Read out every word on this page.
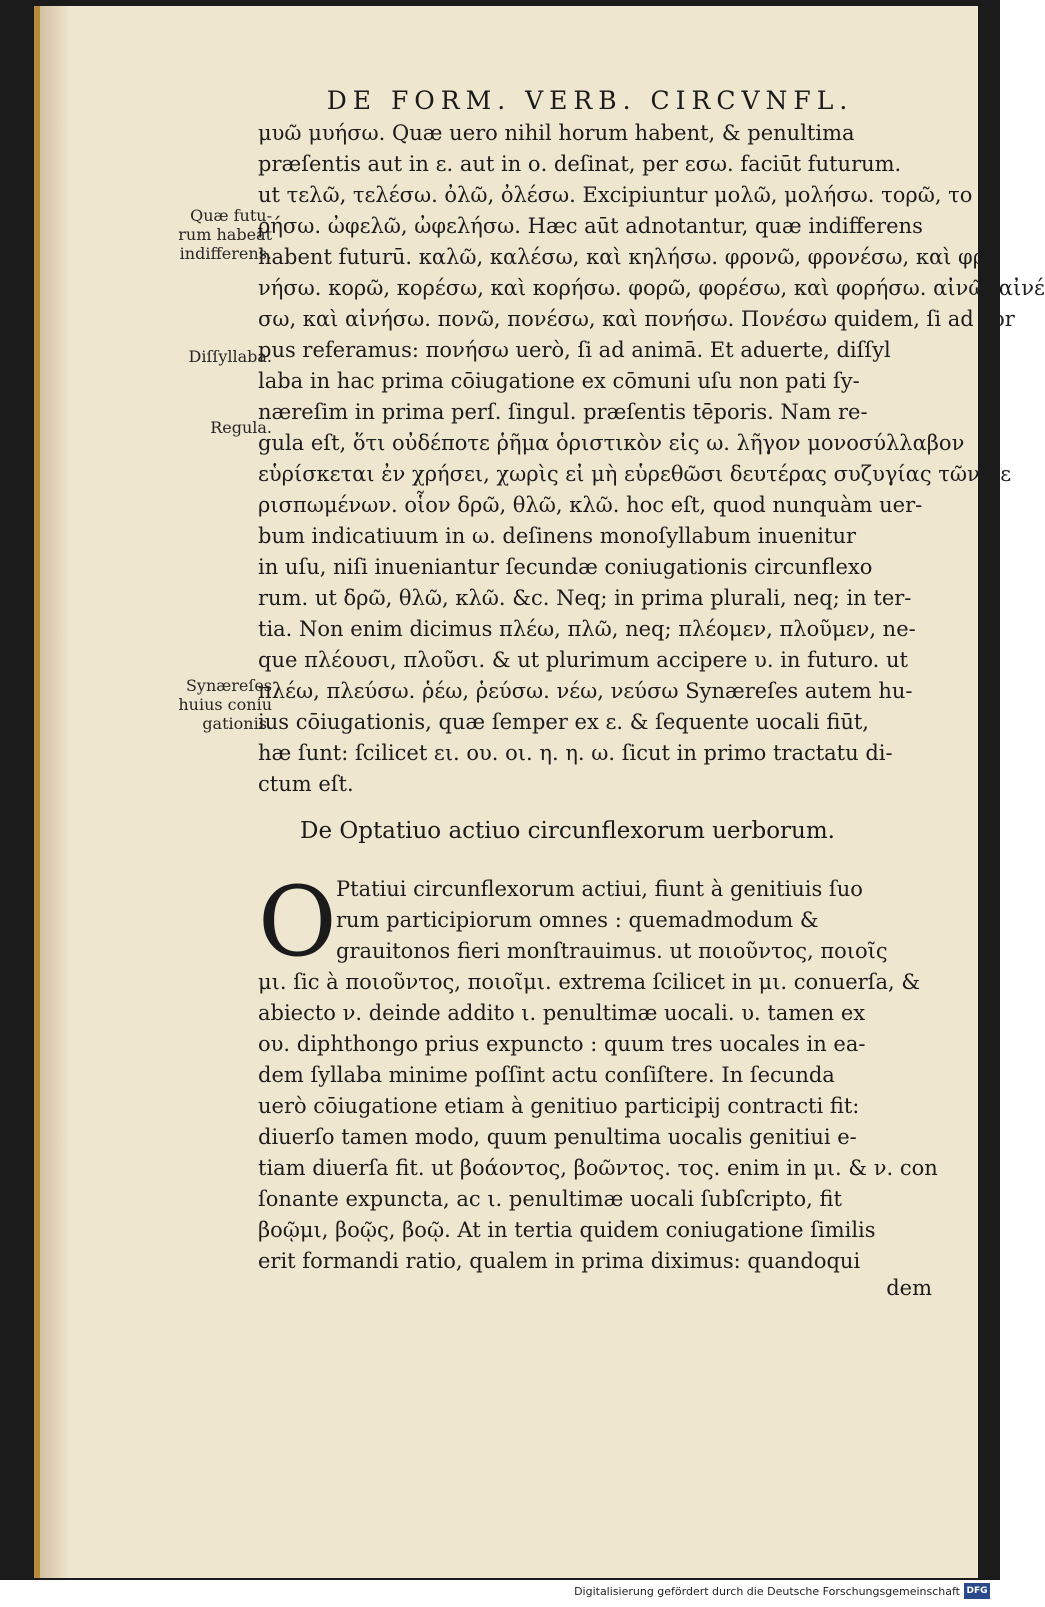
DE FORM. VERB. CIRCVNFL.
Quæ futu‑ rum habeāt indifferens.
Diſſyllaba.
Regula.
Synæreſes huius coniu gationis.
μυῶ μυήσω. Quæ uero nihil horum habent, & penultima
præſentis aut in ε. aut in ο. deſinat, per εσω. faciūt futurum.
ut τελῶ, τελέσω. ὀλῶ, ὀλέσω. Excipiuntur μολῶ, μολήσω. τορῶ, το
ρήσω. ὠφελῶ, ὠφελήσω. Hæc aūt adnotantur, quæ indifferens
habent futurū. καλῶ, καλέσω, καὶ κηλήσω. φρονῶ, φρονέσω, καὶ φρο
νήσω. κορῶ, κορέσω, καὶ κορήσω. φορῶ, φορέσω, καὶ φορήσω. αἰνῶ, αἰνέ
σω, καὶ αἰνήσω. πονῶ, πονέσω, καὶ πονήσω. Πονέσω quidem, ſi ad cor
pus referamus: πονήσω uerò, ſi ad animā. Et aduerte, diſſyl
laba in hac prima cōiugatione ex cōmuni uſu non pati ſy‑
næreſim in prima perſ. ſingul. præſentis tēporis. Nam re‑
gula eſt, ὅτι οὐδέποτε ῥῆμα ὁριστικὸν εἰς ω. λῆγον μονοσύλλαβον
εὑρίσκεται ἐν χρήσει, χωρὶς εἰ μὴ εὑρεθῶσι δευτέρας συζυγίας τῶν πε
ρισπωμένων. οἷον δρῶ, θλῶ, κλῶ. hoc eſt, quod nunquàm uer‑
bum indicatiuum in ω. deſinens monoſyllabum inuenitur
in uſu, niſi inueniantur ſecundæ coniugationis circunflexo
rum. ut δρῶ, θλῶ, κλῶ. &c. Neq; in prima plurali, neq; in ter‑
tia. Non enim dicimus πλέω, πλῶ, neq; πλέομεν, πλοῦμεν, ne‑
que πλέουσι, πλοῦσι. & ut plurimum accipere υ. in futuro. ut
πλέω, πλεύσω. ῥέω, ῥεύσω. νέω, νεύσω Synæreſes autem hu‑
ius cōiugationis, quæ ſemper ex ε. & ſequente uocali fiūt,
hæ ſunt: ſcilicet ει. ου. οι. η. η. ω. ſicut in primo tractatu di‑
ctum eſt.
De Optatiuo actiuo circunflexorum uerborum.
O Ptatiui circunflexorum actiui, fiunt à genitiuis ſuo
rum participiorum omnes : quemadmodum &
grauitonos fieri monſtrauimus. ut ποιοῦντος, ποιοῖς
μι. ſic à ποιοῦντος, ποιοῖμι. extrema ſcilicet in μι. conuerſa, &
abiecto ν. deinde addito ι. penultimæ uocali. υ. tamen ex
ου. diphthongo prius expuncto : quum tres uocales in ea‑
dem ſyllaba minime poſſint actu conſiſtere. In ſecunda
uerò cōiugatione etiam à genitiuo participij contracti fit:
diuerſo tamen modo, quum penultima uocalis genitiui e‑
tiam diuerſa fit. ut βοάοντος, βοῶντος. τος. enim in μι. & ν. con
ſonante expuncta, ac ι. penultimæ uocali ſubſcripto, fit
βοῷμι, βοῷς, βοῷ. At in tertia quidem coniugatione ſimilis
erit formandi ratio, qualem in prima diximus: quandoqui
dem
Digitalisierung gefördert durch die Deutsche Forschungsgemeinschaft DFG
